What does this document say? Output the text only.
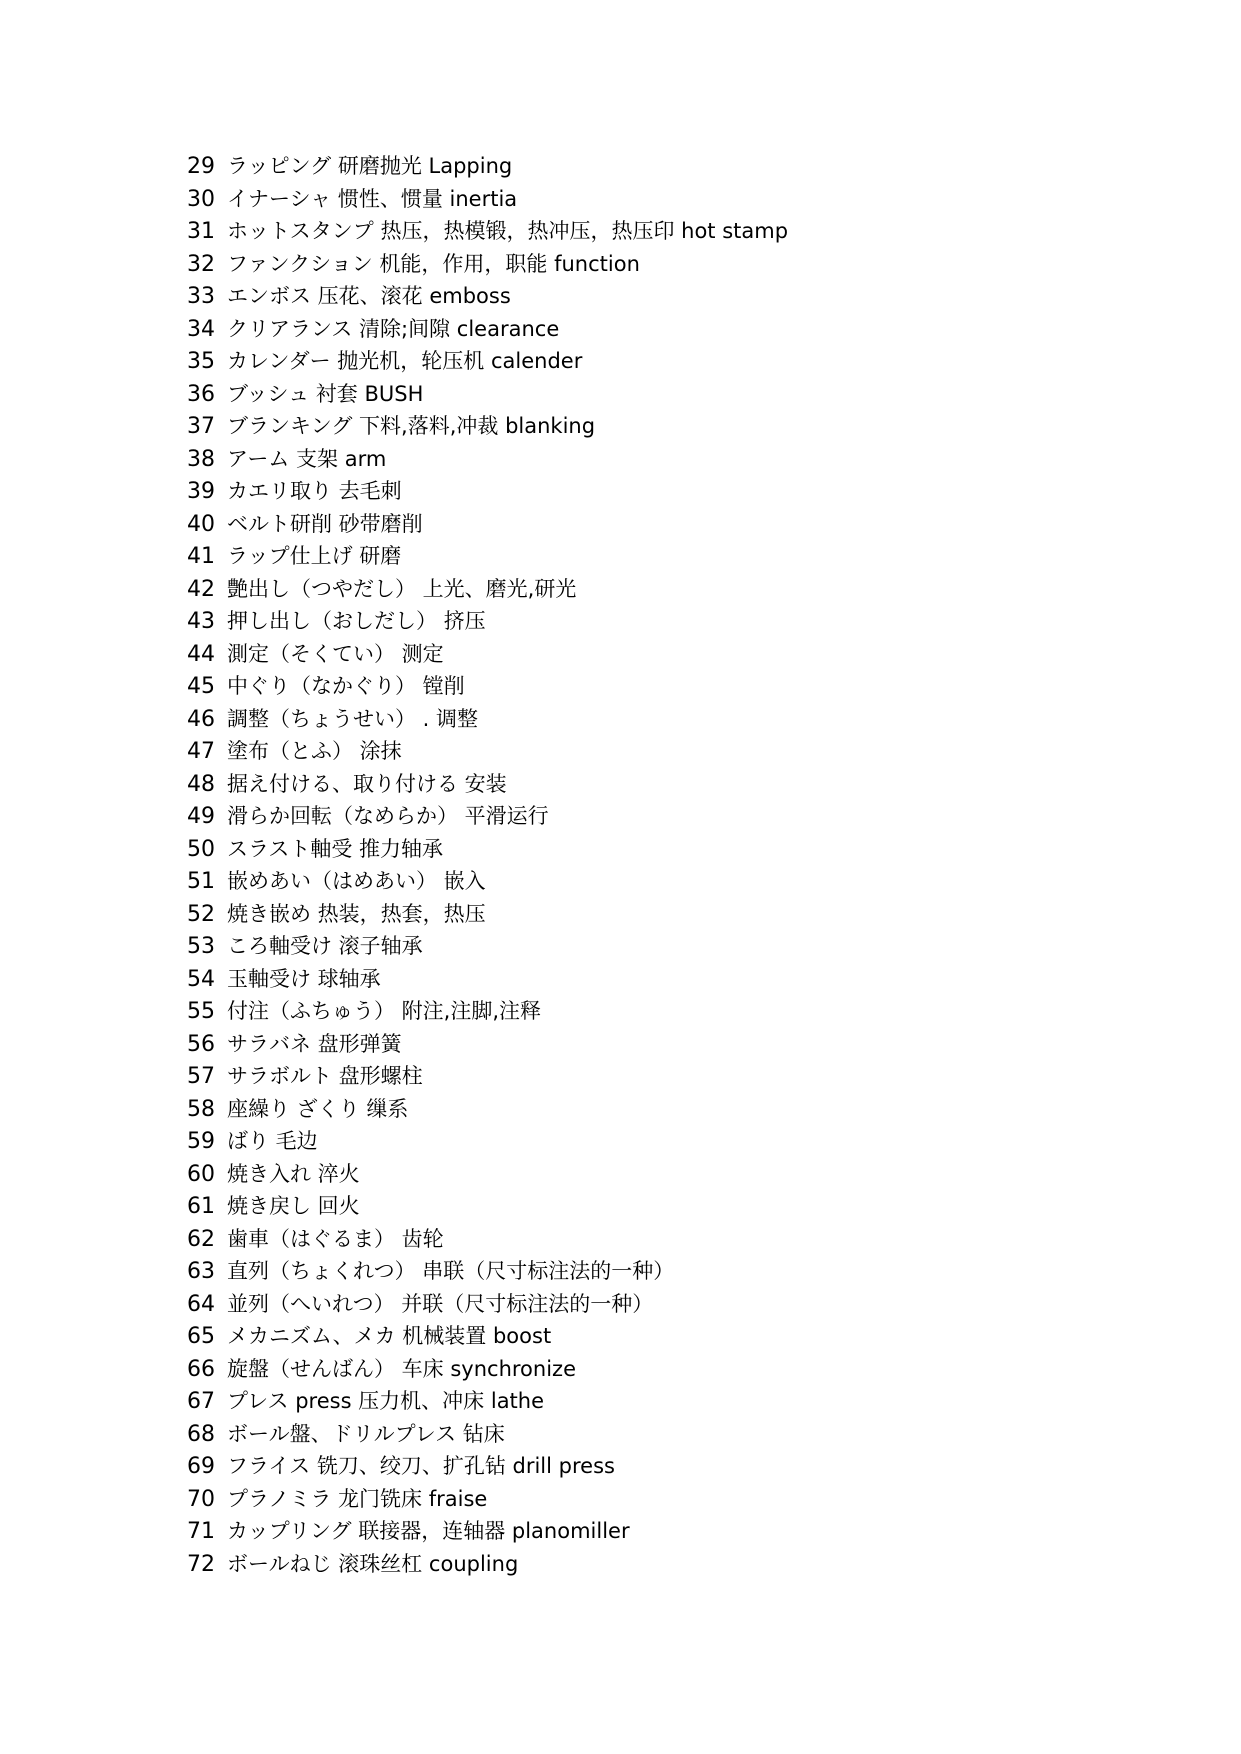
29 ラッピング 研磨抛光 Lapping
30 イナーシャ 惯性、惯量 inertia
31 ホットスタンプ 热压，热模锻，热冲压，热压印 hot stamp
32 ファンクション 机能，作用，职能 function
33 エンボス 压花、滚花 emboss
34 クリアランス 清除;间隙 clearance
35 カレンダー 抛光机，轮压机 calender
36 ブッシュ 衬套 BUSH
37 ブランキング 下料,落料,冲裁 blanking
38 アーム 支架 arm
39 カエリ取り 去毛刺
40 ベルト研削 砂带磨削
41 ラップ仕上げ 研磨
42 艶出し（つやだし） 上光、磨光,研光
43 押し出し（おしだし） 挤压
44 測定（そくてい） 测定
45 中ぐり（なかぐり） 镗削
46 調整（ちょうせい） . 调整
47 塗布（とふ） 涂抹
48 据え付ける、取り付ける 安装
49 滑らか回転（なめらか） 平滑运行
50 スラスト軸受 推力轴承
51 嵌めあい（はめあい） 嵌入
52 焼き嵌め 热装，热套，热压
53 ころ軸受け 滚子轴承
54 玉軸受け 球轴承
55 付注（ふちゅう） 附注,注脚,注释
56 サラバネ 盘形弹簧
57 サラボルト 盘形螺柱
58 座繰り ざくり 缫系
59 ばり 毛边
60 焼き入れ 淬火
61 焼き戻し 回火
62 歯車（はぐるま） 齿轮
63 直列（ちょくれつ） 串联（尺寸标注法的一种）
64 並列（へいれつ） 并联（尺寸标注法的一种）
65 メカニズム、メカ 机械装置 boost
66 旋盤（せんばん） 车床 synchronize
67 プレス press 压力机、冲床 lathe
68 ボール盤、ドリルプレス 钻床
69 フライス 铣刀、绞刀、扩孔钻 drill press
70 プラノミラ 龙门铣床 fraise
71 カップリング 联接器，连轴器 planomiller
72 ボールねじ 滚珠丝杠 coupling
